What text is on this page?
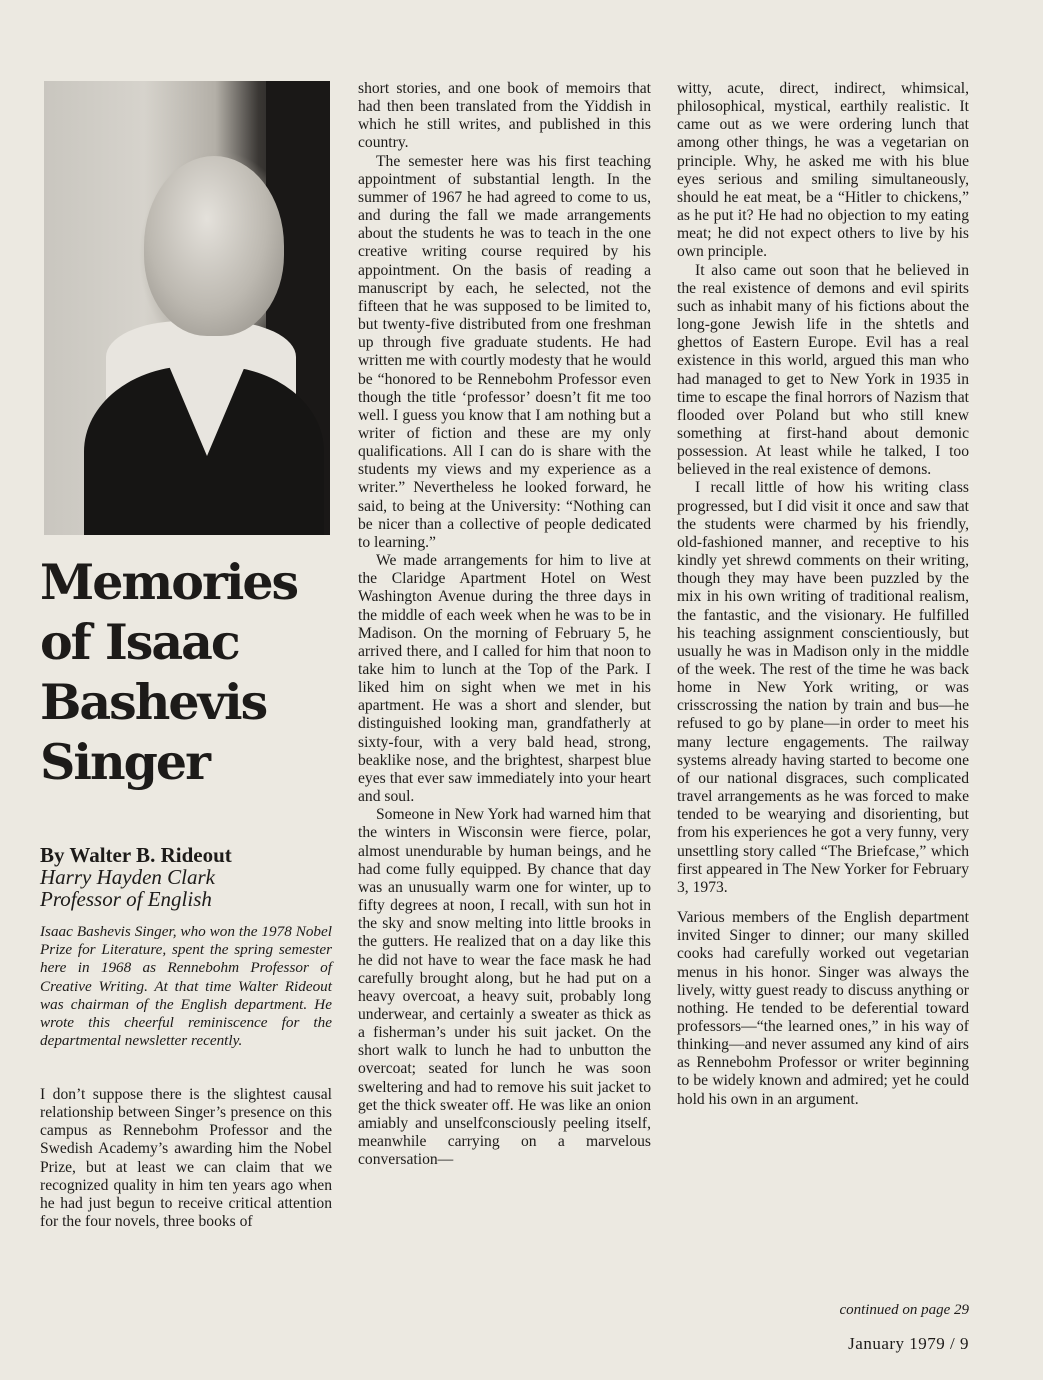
Memories of Isaac Bashevis Singer
By Walter B. Rideout
Harry Hayden Clark
Professor of English
Isaac Bashevis Singer, who won the 1978 Nobel Prize for Literature, spent the spring semester here in 1968 as Rennebohm Professor of Creative Writing. At that time Walter Rideout was chairman of the English department. He wrote this cheerful reminiscence for the departmental newsletter recently.

I don’t suppose there is the slightest causal relationship between Singer’s presence on this campus as Rennebohm Professor and the Swedish Academy’s awarding him the Nobel Prize, but at least we can claim that we recognized quality in him ten years ago when he had just begun to receive critical attention for the four novels, three books of

short stories, and one book of memoirs that had then been translated from the Yiddish in which he still writes, and published in this country.

The semester here was his first teaching appointment of substantial length. In the summer of 1967 he had agreed to come to us, and during the fall we made arrangements about the students he was to teach in the one creative writing course required by his appointment. On the basis of reading a manuscript by each, he selected, not the fifteen that he was supposed to be limited to, but twenty-five distributed from one freshman up through five graduate students. He had written me with courtly modesty that he would be “honored to be Rennebohm Professor even though the title ‘professor’ doesn’t fit me too well. I guess you know that I am nothing but a writer of fiction and these are my only qualifications. All I can do is share with the students my views and my experience as a writer.” Nevertheless he looked forward, he said, to being at the University: “Nothing can be nicer than a collective of people dedicated to learning.”

We made arrangements for him to live at the Claridge Apartment Hotel on West Washington Avenue during the three days in the middle of each week when he was to be in Madison. On the morning of February 5, he arrived there, and I called for him that noon to take him to lunch at the Top of the Park. I liked him on sight when we met in his apartment. He was a short and slender, but distinguished looking man, grandfatherly at sixty-four, with a very bald head, strong, beaklike nose, and the brightest, sharpest blue eyes that ever saw immediately into your heart and soul.

Someone in New York had warned him that the winters in Wisconsin were fierce, polar, almost unendurable by human beings, and he had come fully equipped. By chance that day was an unusually warm one for winter, up to fifty degrees at noon, I recall, with sun hot in the sky and snow melting into little brooks in the gutters. He realized that on a day like this he did not have to wear the face mask he had carefully brought along, but he had put on a heavy overcoat, a heavy suit, probably long underwear, and certainly a sweater as thick as a fisherman’s under his suit jacket. On the short walk to lunch he had to unbutton the overcoat; seated for lunch he was soon sweltering and had to remove his suit jacket to get the thick sweater off. He was like an onion amiably and unselfconsciously peeling itself, meanwhile carrying on a marvelous conversation—

witty, acute, direct, indirect, whimsical, philosophical, mystical, earthily realistic. It came out as we were ordering lunch that among other things, he was a vegetarian on principle. Why, he asked me with his blue eyes serious and smiling simultaneously, should he eat meat, be a “Hitler to chickens,” as he put it? He had no objection to my eating meat; he did not expect others to live by his own principle.

It also came out soon that he believed in the real existence of demons and evil spirits such as inhabit many of his fictions about the long-gone Jewish life in the shtetls and ghettos of Eastern Europe. Evil has a real existence in this world, argued this man who had managed to get to New York in 1935 in time to escape the final horrors of Nazism that flooded over Poland but who still knew something at first-hand about demonic possession. At least while he talked, I too believed in the real existence of demons.

I recall little of how his writing class progressed, but I did visit it once and saw that the students were charmed by his friendly, old-fashioned manner, and receptive to his kindly yet shrewd comments on their writing, though they may have been puzzled by the mix in his own writing of traditional realism, the fantastic, and the visionary. He fulfilled his teaching assignment conscientiously, but usually he was in Madison only in the middle of the week. The rest of the time he was back home in New York writing, or was crisscrossing the nation by train and bus—he refused to go by plane—in order to meet his many lecture engagements. The railway systems already having started to become one of our national disgraces, such complicated travel arrangements as he was forced to make tended to be wearying and disorienting, but from his experiences he got a very funny, very unsettling story called “The Briefcase,” which first appeared in The New Yorker for February 3, 1973.

Various members of the English department invited Singer to dinner; our many skilled cooks had carefully worked out vegetarian menus in his honor. Singer was always the lively, witty guest ready to discuss anything or nothing. He tended to be deferential toward professors—“the learned ones,” in his way of thinking—and never assumed any kind of airs as Rennebohm Professor or writer beginning to be widely known and admired; yet he could hold his own in an argument.

continued on page 29
January 1979 / 9
